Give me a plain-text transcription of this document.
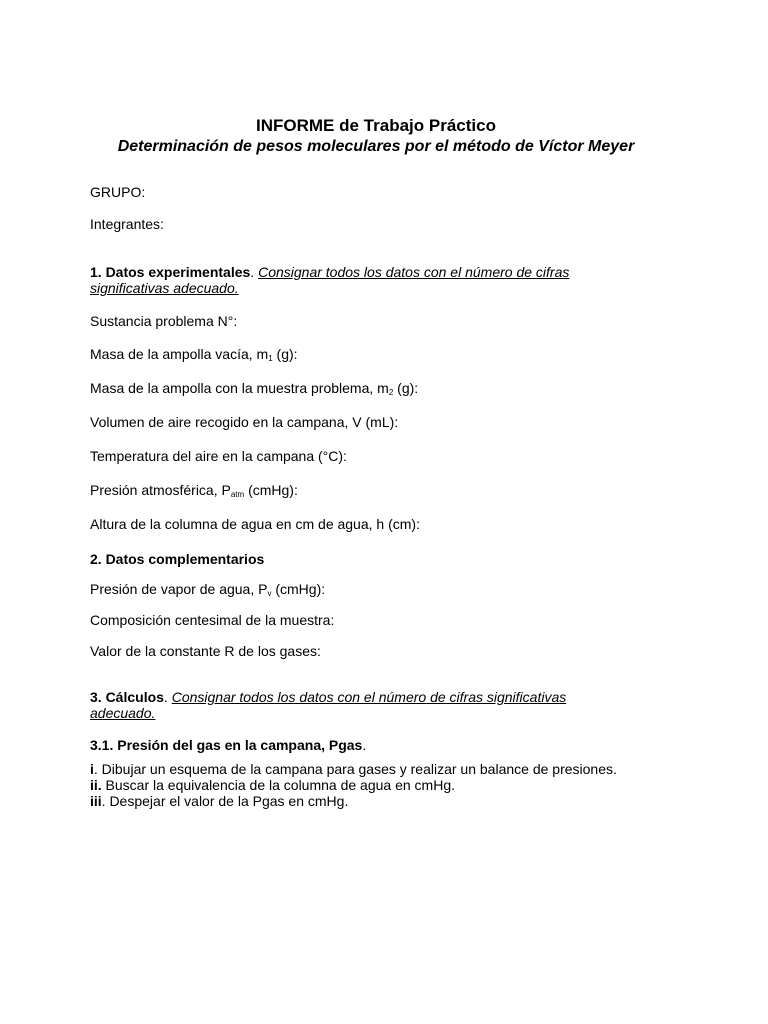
INFORME de Trabajo Práctico
Determinación de pesos moleculares por el método de Víctor Meyer
GRUPO:
Integrantes:
1. Datos experimentales. Consignar todos los datos con el número de cifras
significativas adecuado.
Sustancia problema N°:
Masa de la ampolla vacía, $m_1$ (g):
Masa de la ampolla con la muestra problema, $m_2$ (g):
Volumen de aire recogido en la campana, V (mL):
Temperatura del aire en la campana (°C):
Presión atmosférica, $P_{atm}$ (cmHg):
Altura de la columna de agua en cm de agua, h (cm):
2. Datos complementarios
Presión de vapor de agua, $P_v$ (cmHg):
Composición centesimal de la muestra:
Valor de la constante R de los gases:
3. Cálculos. Consignar todos los datos con el número de cifras significativas
adecuado.
3.1. Presión del gas en la campana, Pgas.
i. Dibujar un esquema de la campana para gases y realizar un balance de presiones.
ii. Buscar la equivalencia de la columna de agua en cmHg.
iii. Despejar el valor de la Pgas en cmHg.
